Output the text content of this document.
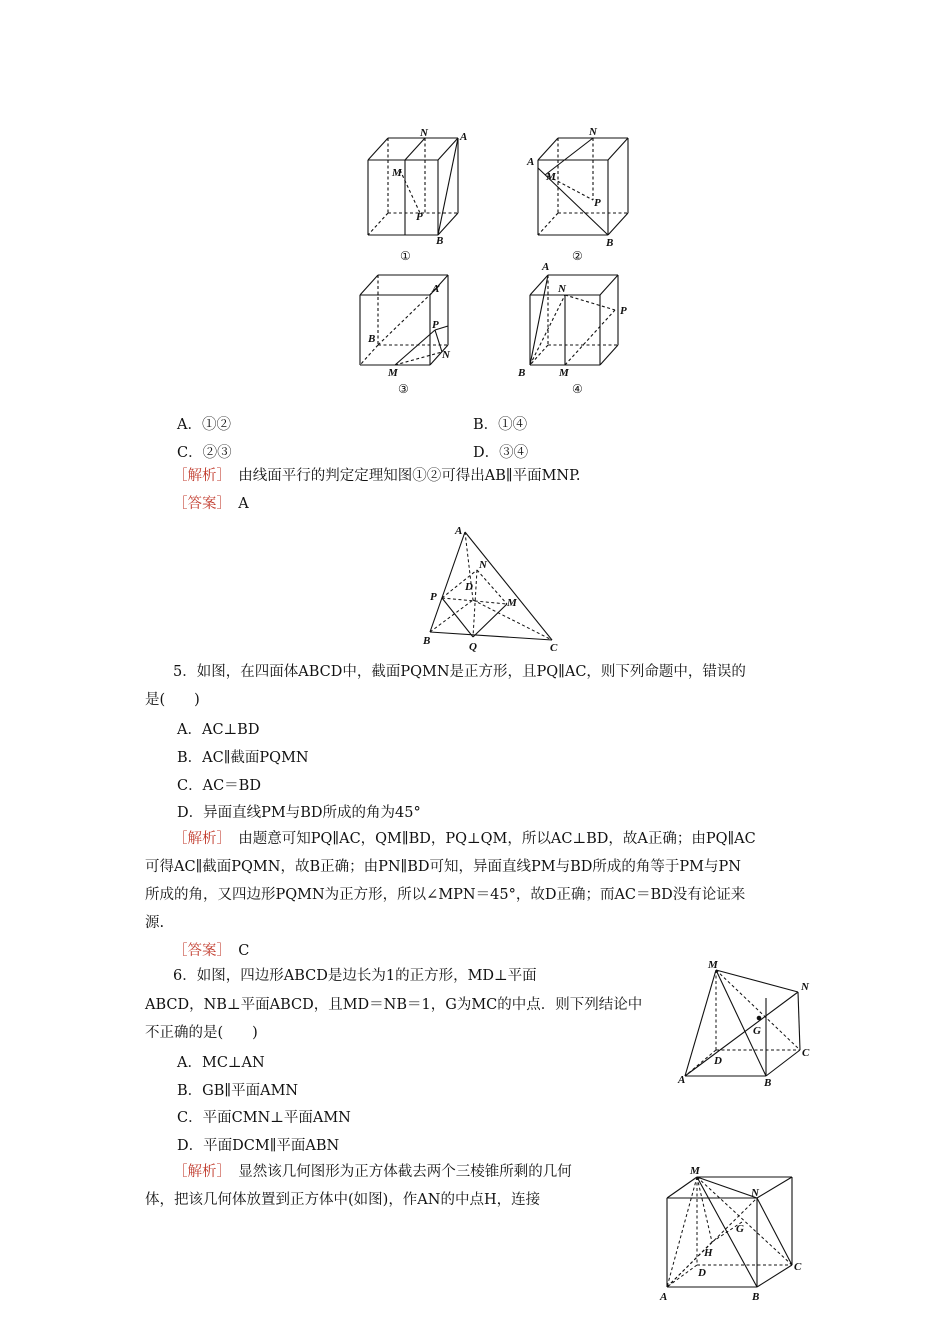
N	A
M
P
B
①
N
A
M
P
B
②
A
P
B
N
M
③
A
N
P
B	M
④
A．①②	B．①④
C．②③	D．③④
［解析］　 由线面平行的判定定理知图①②可得出AB∥平面MNP.
［答案］　 A
A
N
D
P	M
B	Q	C
5．如图，在四面体ABCD中，截面PQMN是正方形，且PQ∥AC，则下列命题中，错误的
是(　　)
A．AC⊥BD
B．AC∥截面PQMN
C．AC＝BD
D．异面直线PM与BD所成的角为45°
［解析］　 由题意可知PQ∥AC，QM∥BD，PQ⊥QM，所以AC⊥BD，故A正确；由PQ∥AC
可得AC∥截面PQMN，故B正确；由PN∥BD可知，异面直线PM与BD所成的角等于PM与PN
所成的角，又四边形PQMN为正方形，所以∠MPN＝45°，故D正确；而AC＝BD没有论证来
源.
［答案］　 C
M
N
G
C
D
A	B
6．如图，四边形ABCD是边长为1的正方形，MD⊥平面
ABCD，NB⊥平面ABCD，且MD＝NB＝1，G为MC的中点．则下列结论中
不正确的是(　　)
A．MC⊥AN
B．GB∥平面AMN
C．平面CMN⊥平面AMN
D．平面DCM∥平面ABN
［解析］　 显然该几何图形为正方体截去两个三棱锥所剩的几何
体，把该几何体放置到正方体中(如图)，作AN的中点H，连接
M
N
G
H
D	C
A	B
